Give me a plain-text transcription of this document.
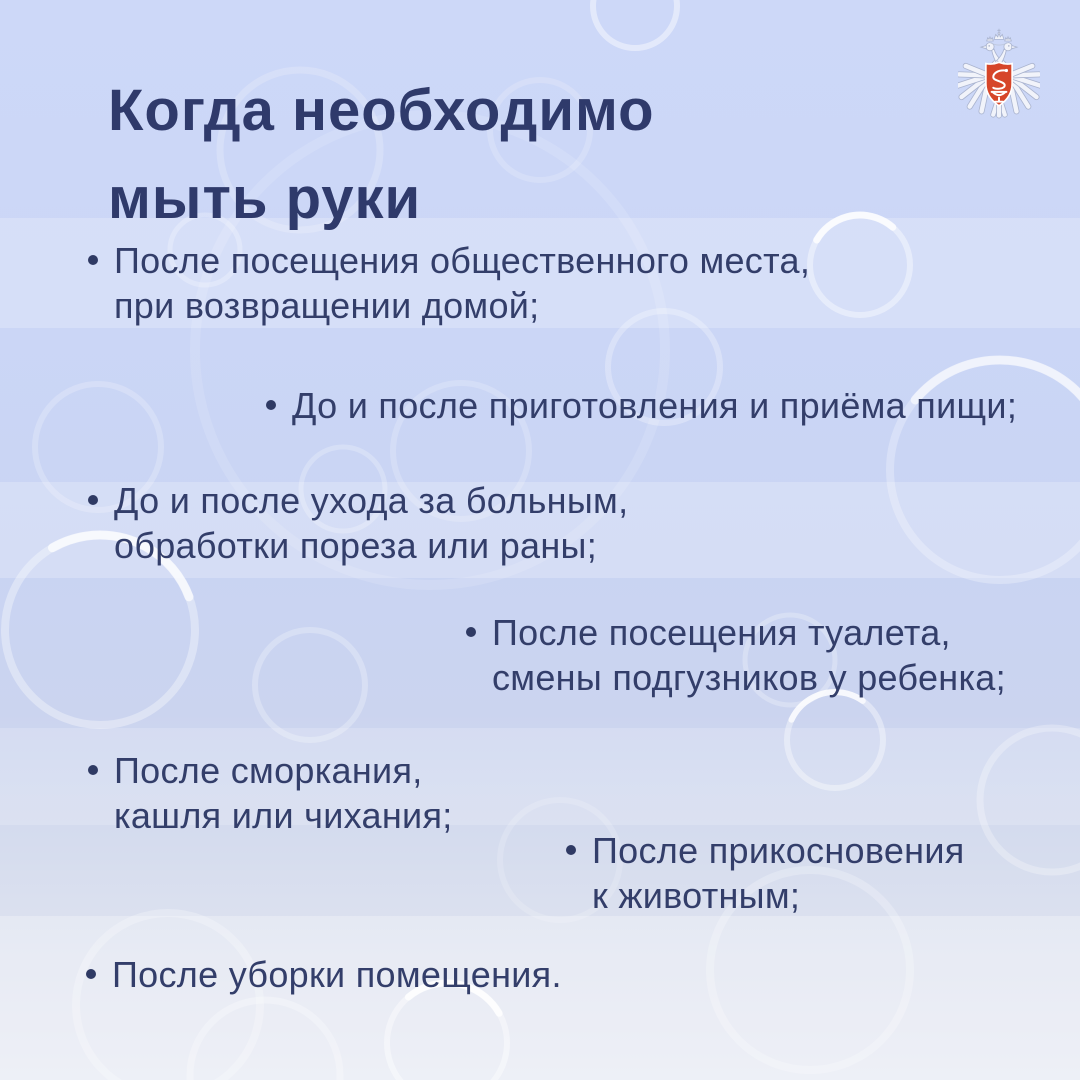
Когда необходимо
мыть руки
После посещения общественного места,
при возвращении домой;
До и после приготовления и приёма пищи;
До и после ухода за больным,
обработки пореза или раны;
После посещения туалета,
смены подгузников у ребенка;
После сморкания,
кашля или чихания;
После прикосновения
к животным;
После уборки помещения.
